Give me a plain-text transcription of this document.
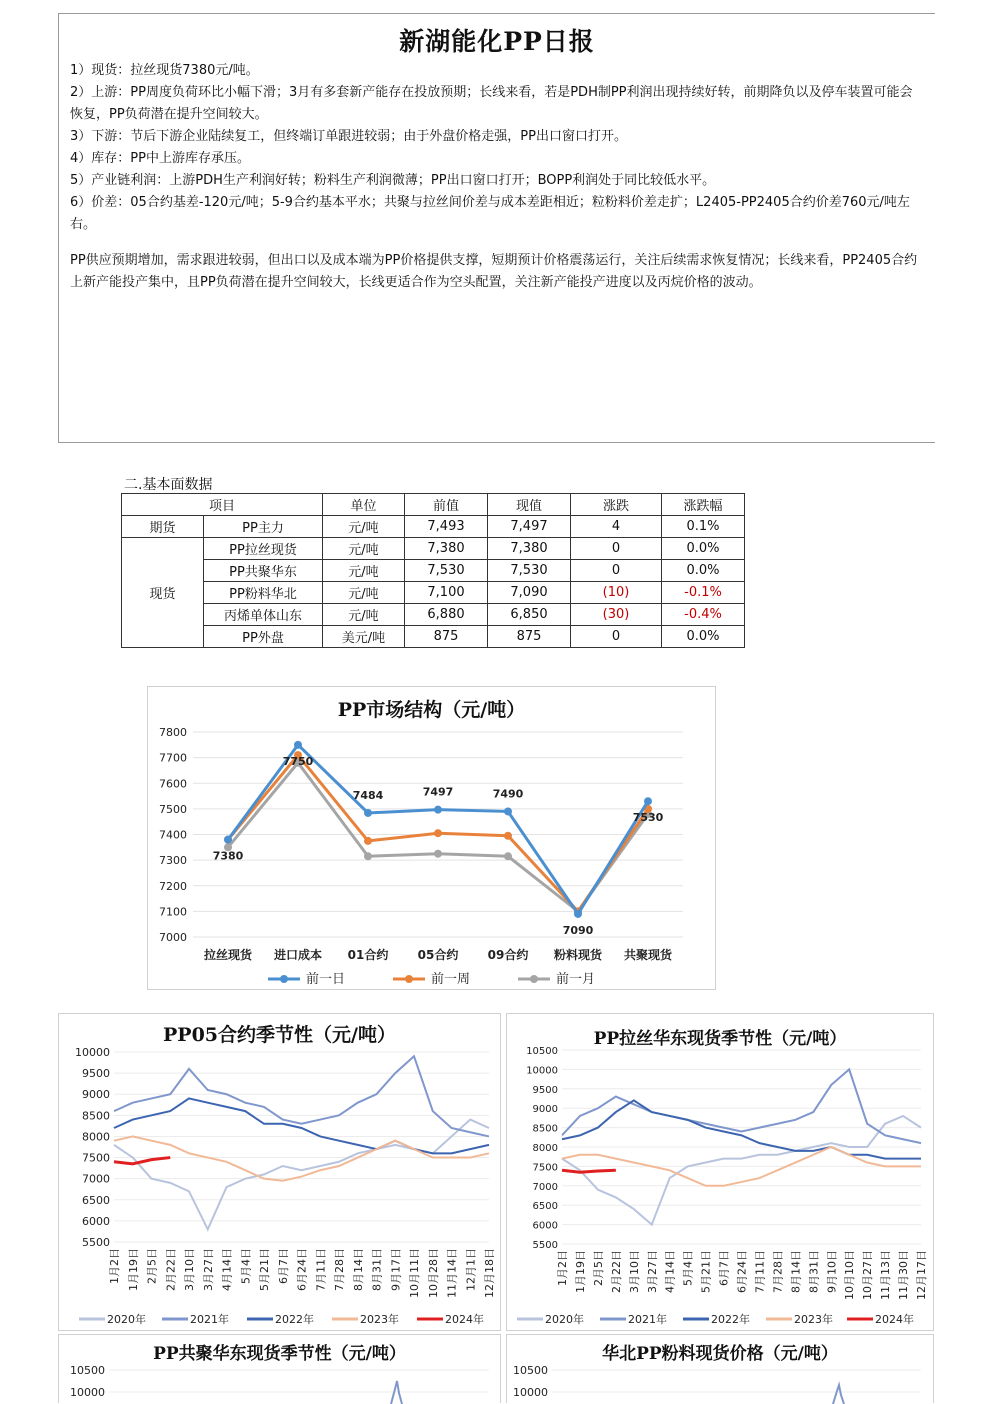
新湖能化PP日报

1）现货：拉丝现货7380元/吨。

2）上游：PP周度负荷环比小幅下滑；3月有多套新产能存在投放预期；长线来看，若是PDH制PP利润出现持续好转，前期降负以及停车装置可能会恢复，PP负荷潜在提升空间较大。

3）下游：节后下游企业陆续复工，但终端订单跟进较弱；由于外盘价格走强，PP出口窗口打开。

4）库存：PP中上游库存承压。

5）产业链利润：上游PDH生产利润好转；粉料生产利润微薄；PP出口窗口打开；BOPP利润处于同比较低水平。

6）价差：05合约基差-120元/吨；5-9合约基本平水；共聚与拉丝间价差与成本差距相近；粒粉料价差走扩；L2405-PP2405合约价差760元/吨左右。

PP供应预期增加，需求跟进较弱，但出口以及成本端为PP价格提供支撑，短期预计价格震荡运行，关注后续需求恢复情况；长线来看，PP2405合约上新产能投产集中，且PP负荷潜在提升空间较大，长线更适合作为空头配置，关注新产能投产进度以及丙烷价格的波动。
二.基本面数据
项目		单位	前值	现值	涨跌	涨跌幅
期货	PP主力	元/吨	7,493	7,497	4	0.1%
现货	PP拉丝现货	元/吨	7,380	7,380	0	0.0%
	PP共聚华东	元/吨	7,530	7,530	0	0.0%
	PP粉料华北	元/吨	7,100	7,090	(10)	-0.1%
	丙烯单体山东	元/吨	6,880	6,850	(30)	-0.4%
	PP外盘	美元/吨	875	875	0	0.0%
PP市场结构（元/吨）
7000
7100
7200
7300
7400
7500
7600
7700
7800
拉丝现货 进口成本 01合约 05合约 09合约 粉料现货 共聚现货
7380
7750
7484	7497	7490
7090
7530
前一日	前一周	前一月
PP05合约季节性（元/吨）
5500
6000
6500
7000
7500
8000
8500
9000
9500
10000
1月2日 1月19日 2月5日 2月22日 3月10日 3月27日 4月14日 5月4日 5月21日 6月7日 6月24日 7月11日 7月28日 8月14日 8月31日 9月17日 10月11日 10月28日 11月14日 12月1日 12月18日
2020年	2021年	2022年	2023年	2024年
PP拉丝华东现货季节性（元/吨）
5500
6000
6500
7000
7500
8000
8500
9000
9500
10000
10500
1月2日 1月19日 2月5日 2月22日 3月10日 3月27日 4月14日 5月4日 5月21日 6月7日 6月24日 7月11日 7月28日 8月14日 8月31日 9月10日 10月10日 10月27日 11月13日 11月30日 12月17日
2020年	2021年	2022年	2023年	2024年
PP共聚华东现货季节性（元/吨）
10500
10000
华北PP粉料现货价格（元/吨）
10500
10000
